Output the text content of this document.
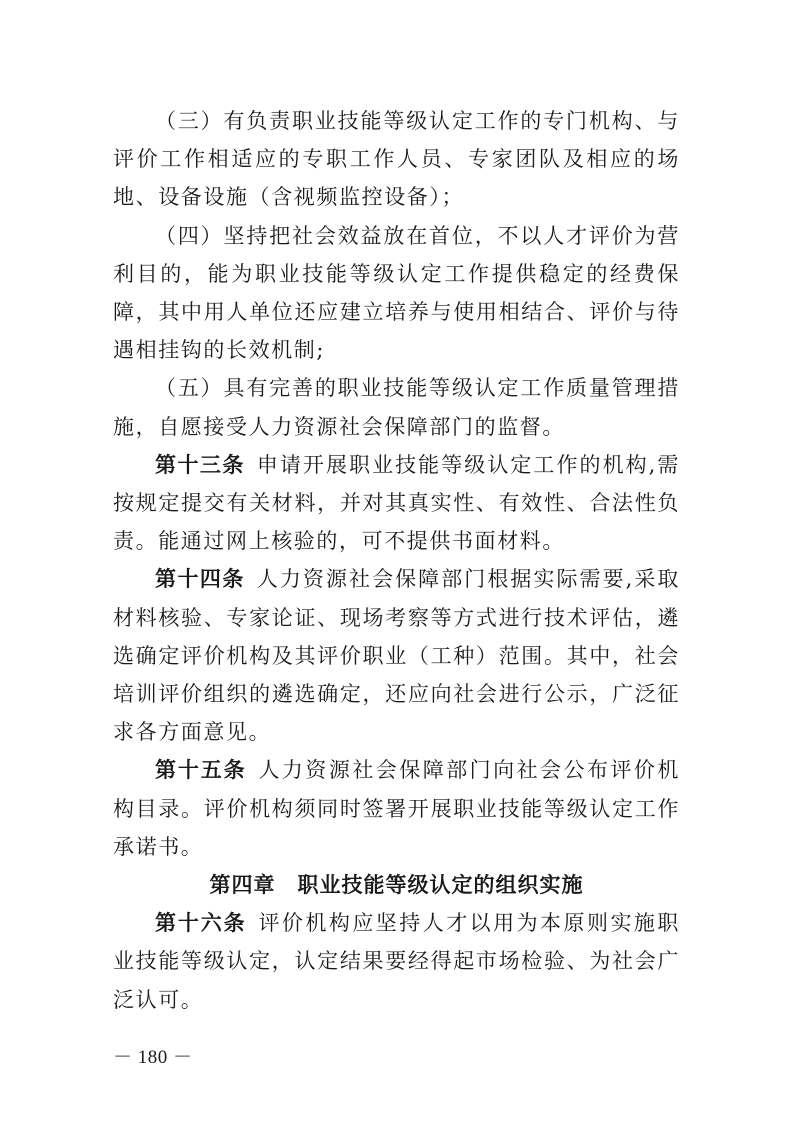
（三）有负责职业技能等级认定工作的专门机构、与评价工作相适应的专职工作人员、专家团队及相应的场地、设备设施（含视频监控设备）；

（四）坚持把社会效益放在首位，不以人才评价为营利目的，能为职业技能等级认定工作提供稳定的经费保障，其中用人单位还应建立培养与使用相结合、评价与待遇相挂钩的长效机制;

（五）具有完善的职业技能等级认定工作质量管理措施，自愿接受人力资源社会保障部门的监督。

第十三条 申请开展职业技能等级认定工作的机构,需按规定提交有关材料，并对其真实性、有效性、合法性负责。能通过网上核验的，可不提供书面材料。

第十四条 人力资源社会保障部门根据实际需要,采取材料核验、专家论证、现场考察等方式进行技术评估，遴选确定评价机构及其评价职业（工种）范围。其中，社会培训评价组织的遴选确定，还应向社会进行公示，广泛征求各方面意见。

第十五条 人力资源社会保障部门向社会公布评价机构目录。评价机构须同时签署开展职业技能等级认定工作承诺书。

第四章　职业技能等级认定的组织实施

第十六条 评价机构应坚持人才以用为本原则实施职业技能等级认定，认定结果要经得起市场检验、为社会广泛认可。

－ 180 －
